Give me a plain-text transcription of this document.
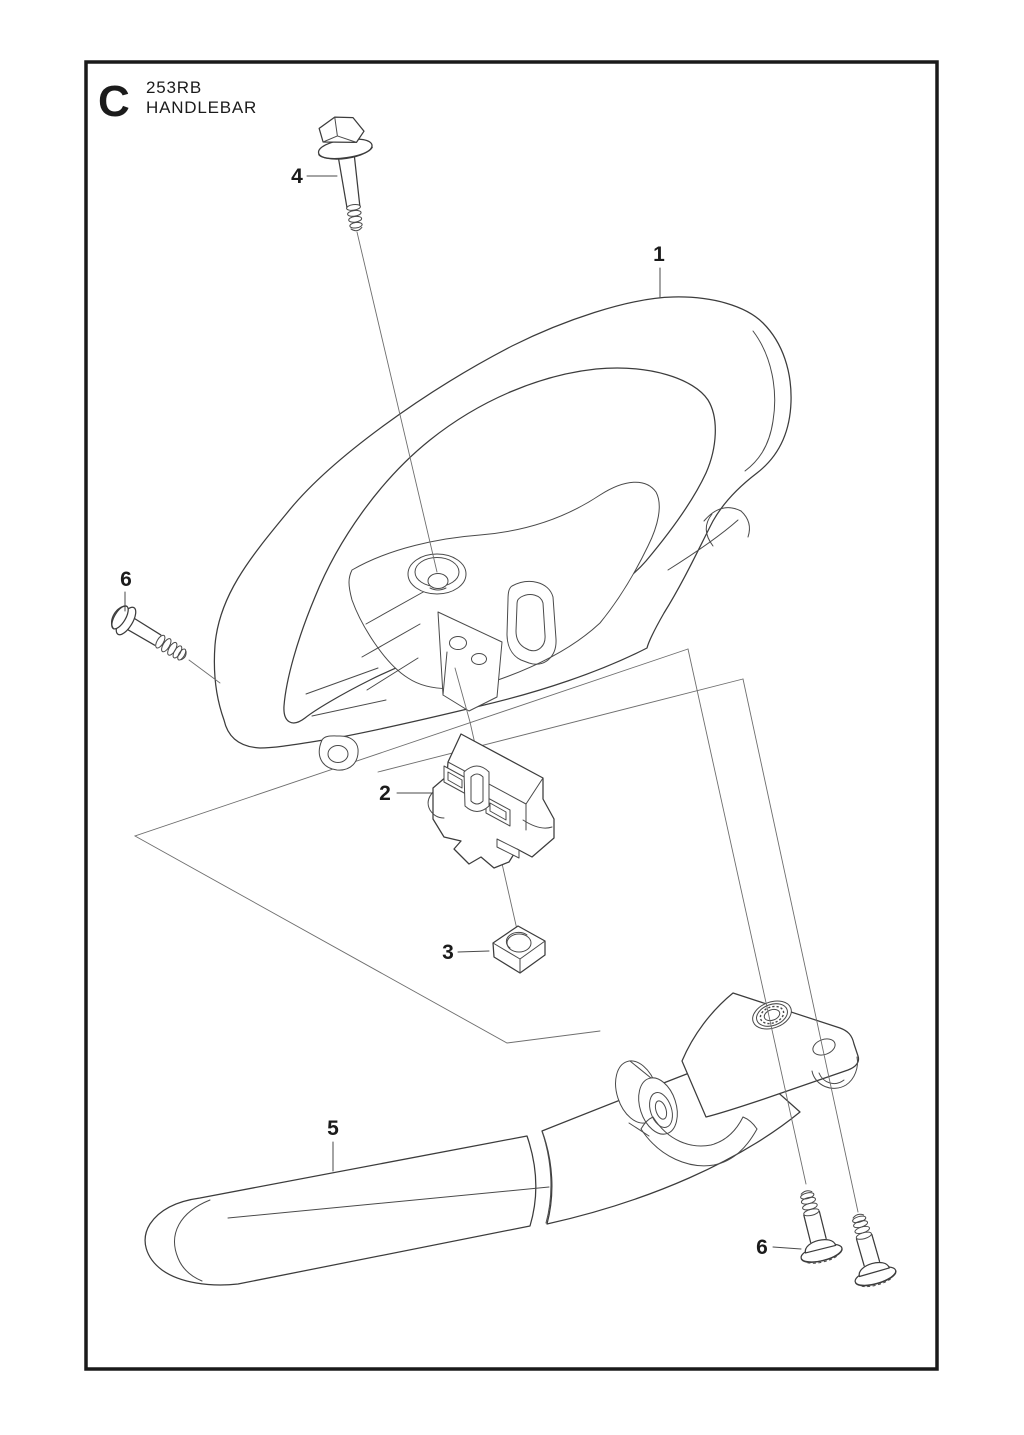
1
2
3
4
5
6
6
C 253RB
HANDLEBAR
